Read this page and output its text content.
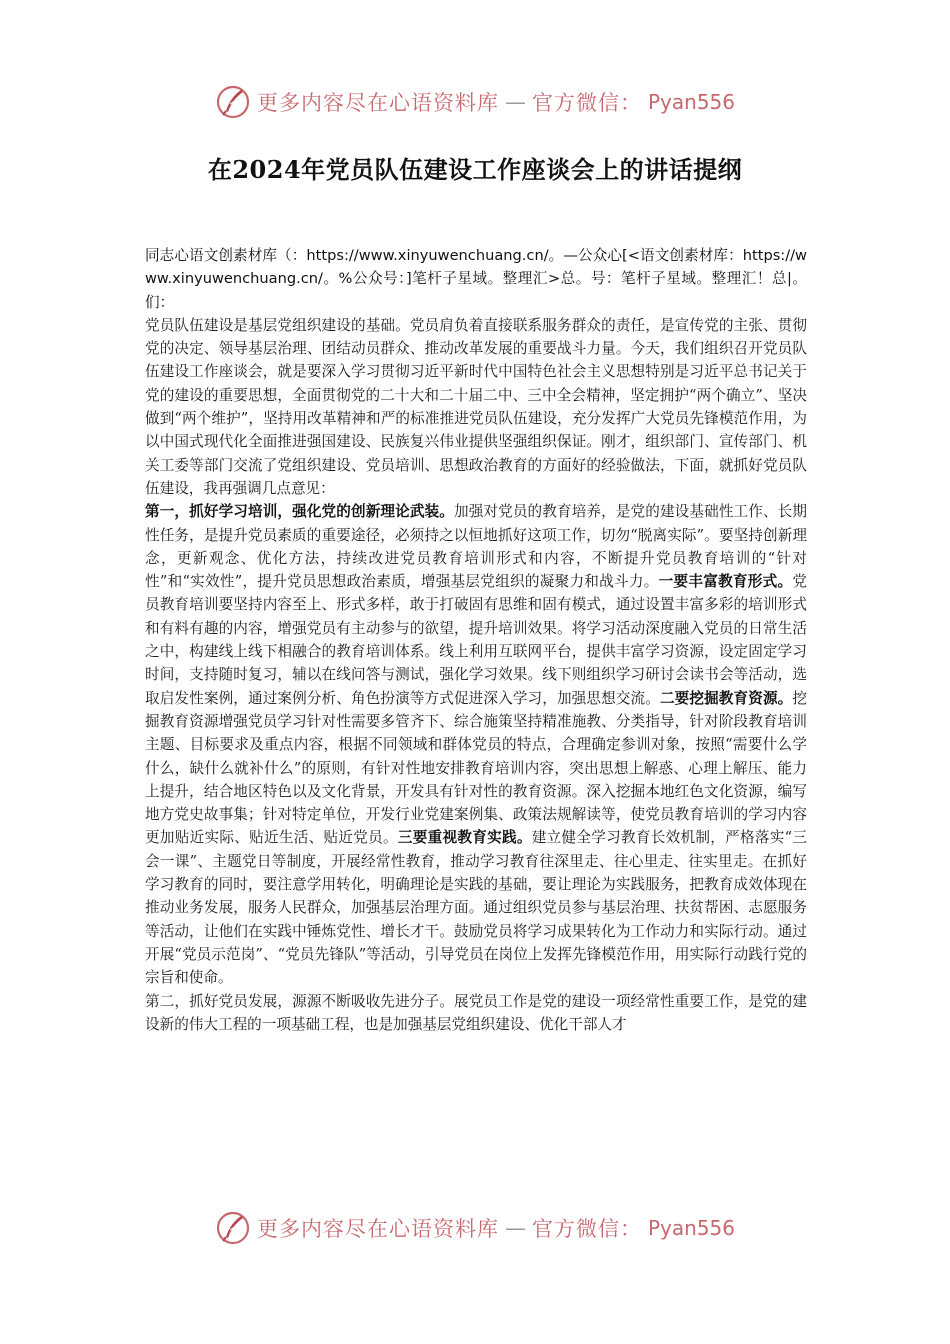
更多内容尽在心语资料库 — 官方微信： Pyan556
在2024年党员队伍建设工作座谈会上的讲话提纲

同志心语文创素材库（：https://www.xinyuwenchuang.cn/。—公众心[<语文创素材库：https://www.xinyuwenchuang.cn/。%公众号：]笔杆子星域。整理汇>总。号：笔杆子星域。整理汇！总|。们：

党员队伍建设是基层党组织建设的基础。党员肩负着直接联系服务群众的责任，是宣传党的主张、贯彻党的决定、领导基层治理、团结动员群众、推动改革发展的重要战斗力量。今天，我们组织召开党员队伍建设工作座谈会，就是要深入学习贯彻习近平新时代中国特色社会主义思想特别是习近平总书记关于党的建设的重要思想，全面贯彻党的二十大和二十届二中、三中全会精神，坚定拥护“两个确立”、坚决做到“两个维护”，坚持用改革精神和严的标准推进党员队伍建设，充分发挥广大党员先锋模范作用，为以中国式现代化全面推进强国建设、民族复兴伟业提供坚强组织保证。刚才，组织部门、宣传部门、机关工委等部门交流了党组织建设、党员培训、思想政治教育的方面好的经验做法，下面，就抓好党员队伍建设，我再强调几点意见：

第一，抓好学习培训，强化党的创新理论武装。加强对党员的教育培养，是党的建设基础性工作、长期性任务，是提升党员素质的重要途径，必须持之以恒地抓好这项工作，切勿“脱离实际”。要坚持创新理念，更新观念、优化方法，持续改进党员教育培训形式和内容，不断提升党员教育培训的“针对性”和“实效性”，提升党员思想政治素质，增强基层党组织的凝聚力和战斗力。一要丰富教育形式。党员教育培训要坚持内容至上、形式多样，敢于打破固有思维和固有模式，通过设置丰富多彩的培训形式和有料有趣的内容，增强党员有主动参与的欲望，提升培训效果。将学习活动深度融入党员的日常生活之中，构建线上线下相融合的教育培训体系。线上利用互联网平台，提供丰富学习资源，设定固定学习时间，支持随时复习，辅以在线问答与测试，强化学习效果。线下则组织学习研讨会读书会等活动，选取启发性案例，通过案例分析、角色扮演等方式促进深入学习，加强思想交流。二要挖掘教育资源。挖掘教育资源增强党员学习针对性需要多管齐下、综合施策坚持精准施教、分类指导，针对阶段教育培训主题、目标要求及重点内容，根据不同领域和群体党员的特点，合理确定参训对象，按照“需要什么学什么，缺什么就补什么”的原则，有针对性地安排教育培训内容，突出思想上解惑、心理上解压、能力上提升，结合地区特色以及文化背景，开发具有针对性的教育资源。深入挖掘本地红色文化资源，编写地方党史故事集；针对特定单位，开发行业党建案例集、政策法规解读等，使党员教育培训的学习内容更加贴近实际、贴近生活、贴近党员。三要重视教育实践。建立健全学习教育长效机制，严格落实“三会一课”、主题党日等制度，开展经常性教育，推动学习教育往深里走、往心里走、往实里走。在抓好学习教育的同时，要注意学用转化，明确理论是实践的基础，要让理论为实践服务，把教育成效体现在推动业务发展，服务人民群众，加强基层治理方面。通过组织党员参与基层治理、扶贫帮困、志愿服务等活动，让他们在实践中锤炼党性、增长才干。鼓励党员将学习成果转化为工作动力和实际行动。通过开展“党员示范岗”、“党员先锋队”等活动，引导党员在岗位上发挥先锋模范作用，用实际行动践行党的宗旨和使命。

第二，抓好党员发展，源源不断吸收先进分子。展党员工作是党的建设一项经常性重要工作，是党的建设新的伟大工程的一项基础工程，也是加强基层党组织建设、优化干部人才

更多内容尽在心语资料库 — 官方微信： Pyan556
